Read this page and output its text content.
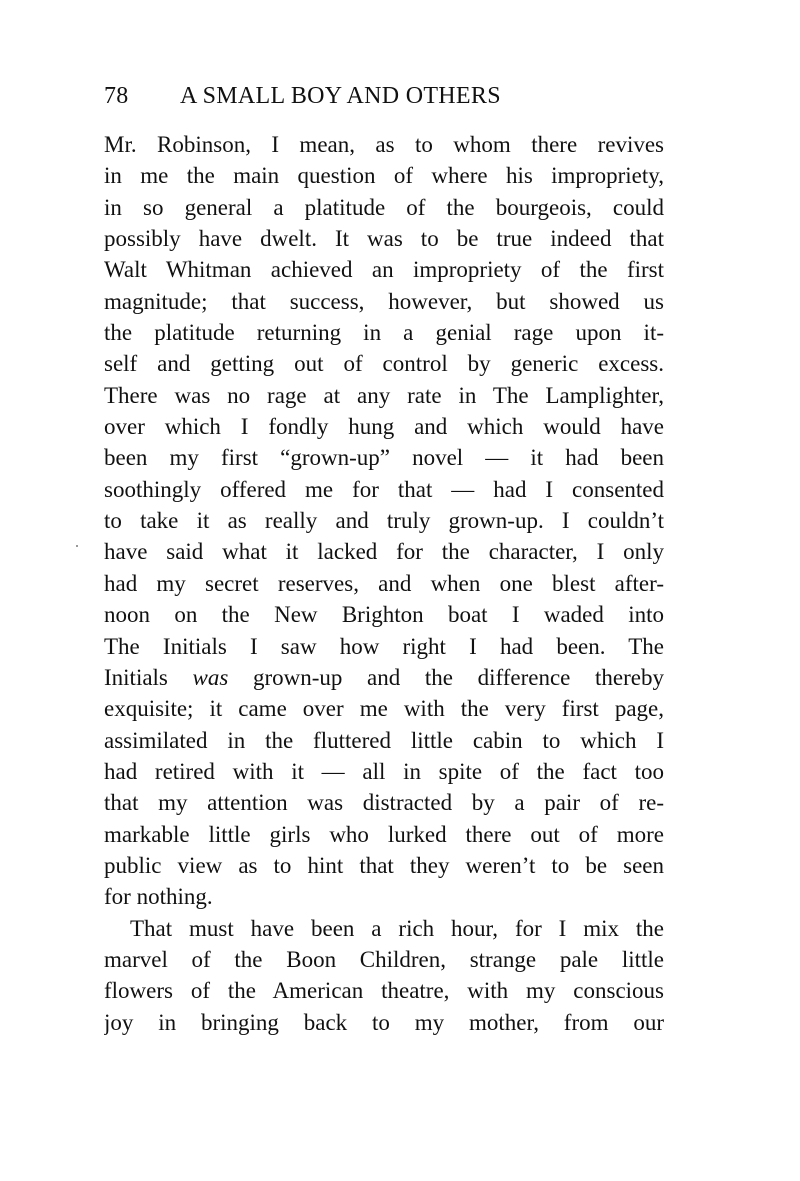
78 A SMALL BOY AND OTHERS
Mr. Robinson, I mean, as to whom there revives
in me the main question of where his impropriety,
in so general a platitude of the bourgeois, could
possibly have dwelt. It was to be true indeed that
Walt Whitman achieved an impropriety of the first
magnitude; that success, however, but showed us
the platitude returning in a genial rage upon it-
self and getting out of control by generic excess.
There was no rage at any rate in The Lamplighter,
over which I fondly hung and which would have
been my first “grown-up” novel — it had been
soothingly offered me for that — had I consented
to take it as really and truly grown-up. I couldn’t
have said what it lacked for the character, I only
had my secret reserves, and when one blest after-
noon on the New Brighton boat I waded into
The Initials I saw how right I had been. The
Initials was grown-up and the difference thereby
exquisite; it came over me with the very first page,
assimilated in the fluttered little cabin to which I
had retired with it — all in spite of the fact too
that my attention was distracted by a pair of re-
markable little girls who lurked there out of more
public view as to hint that they weren’t to be seen
for nothing.
That must have been a rich hour, for I mix the
marvel of the Boon Children, strange pale little
flowers of the American theatre, with my conscious
joy in bringing back to my mother, from our
